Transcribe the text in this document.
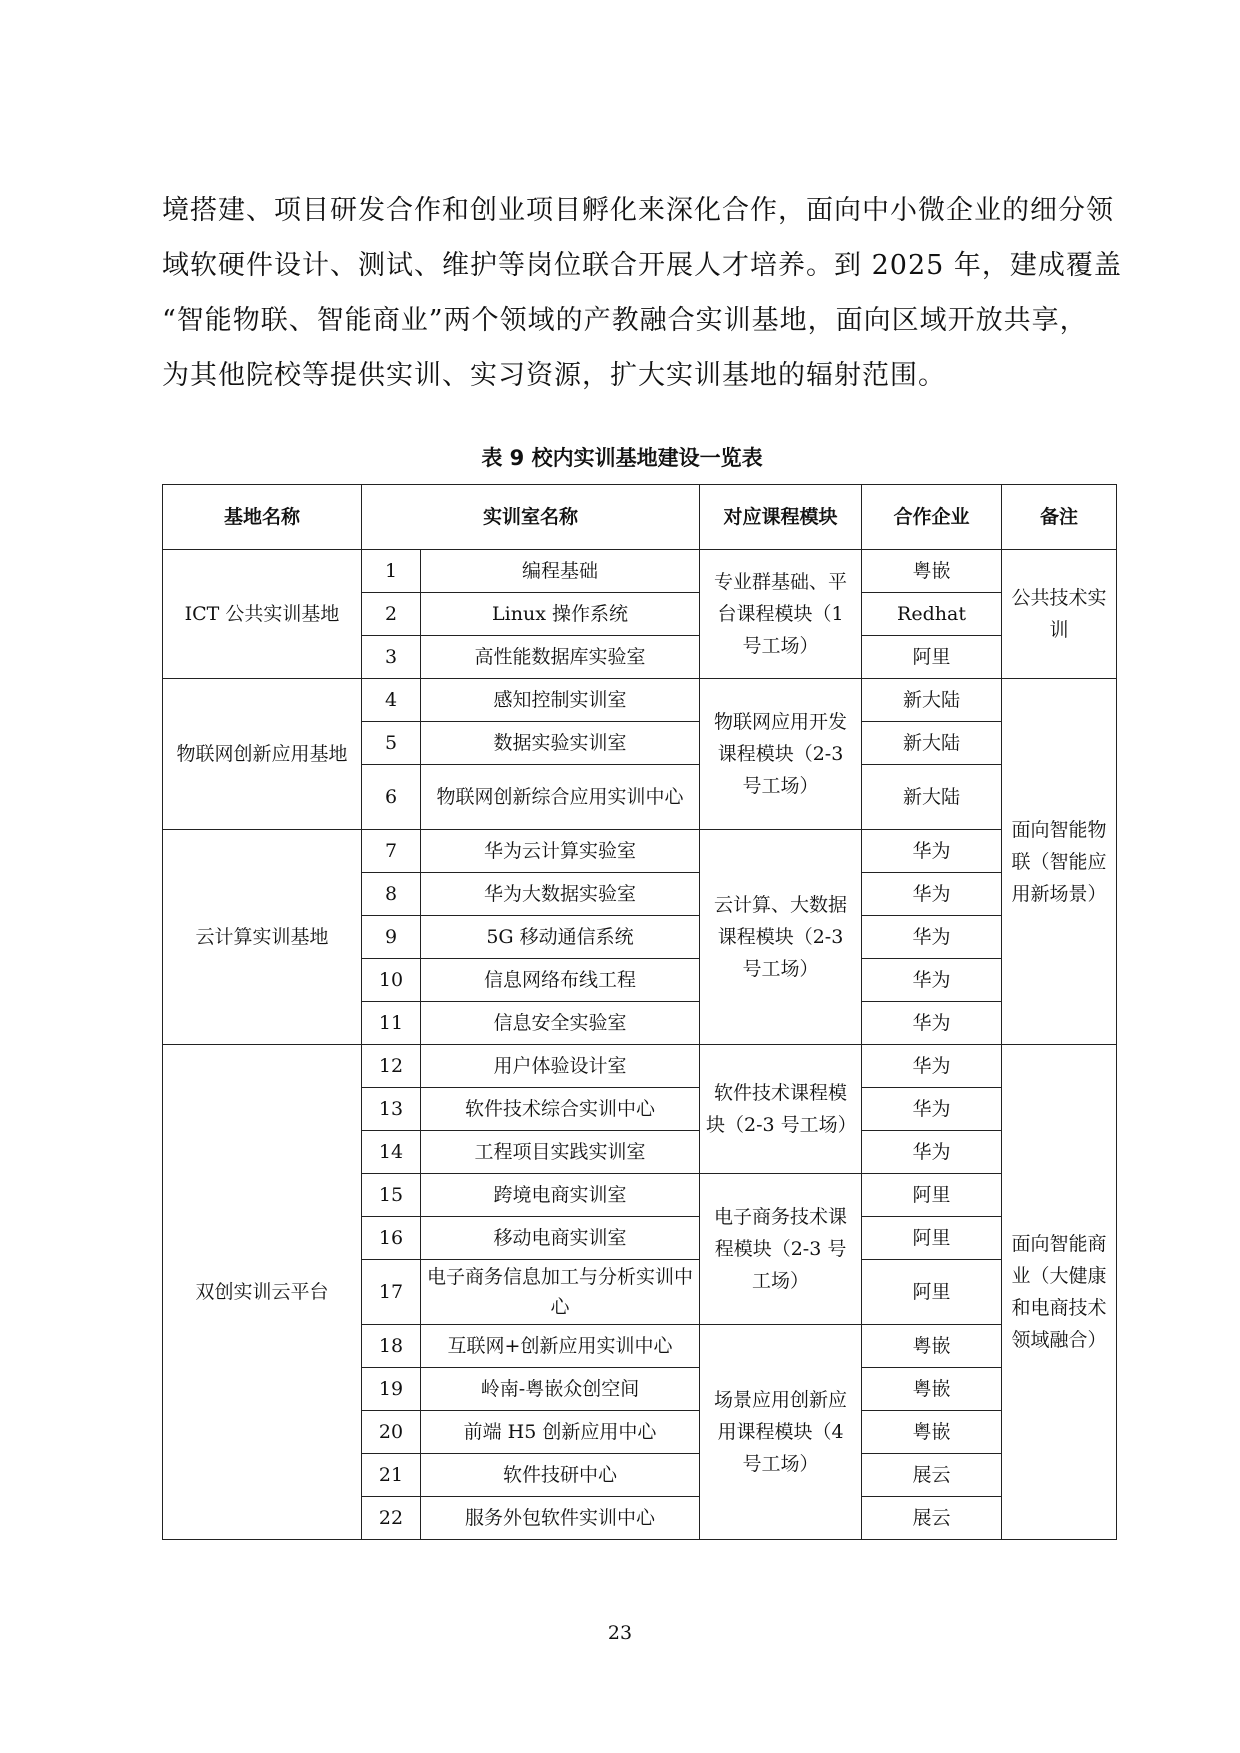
境搭建、项目研发合作和创业项目孵化来深化合作，面向中小微企业的细分领
域软硬件设计、测试、维护等岗位联合开展人才培养。到 2025 年，建成覆盖
“智能物联、智能商业”两个领域的产教融合实训基地，面向区域开放共享，
为其他院校等提供实训、实习资源，扩大实训基地的辐射范围。
表 9 校内实训基地建设一览表
基地名称	实训室名称		对应课程模块	合作企业	备注
ICT 公共实训基地	1	编程基础	专业群基础、平台课程模块（1 号工场）	粤嵌	公共技术实训
	2	Linux 操作系统		Redhat	
	3	高性能数据库实验室		阿里	
物联网创新应用基地	4	感知控制实训室	物联网应用开发课程模块（2-3 号工场）	新大陆	面向智能物联（智能应用新场景）
	5	数据实验实训室		新大陆	
	6	物联网创新综合应用实训中心		新大陆	
云计算实训基地	7	华为云计算实验室	云计算、大数据课程模块（2-3 号工场）	华为	
	8	华为大数据实验室		华为	
	9	5G 移动通信系统		华为	
	10	信息网络布线工程		华为	
	11	信息安全实验室		华为	
双创实训云平台	12	用户体验设计室	软件技术课程模块（2-3 号工场）	华为	面向智能商业（大健康和电商技术领域融合）
	13	软件技术综合实训中心		华为	
	14	工程项目实践实训室		华为	
	15	跨境电商实训室	电子商务技术课程模块（2-3 号工场）	阿里	
	16	移动电商实训室		阿里	
	17	电子商务信息加工与分析实训中心		阿里	
	18	互联网+创新应用实训中心	场景应用创新应用课程模块（4 号工场）	粤嵌	
	19	岭南-粤嵌众创空间		粤嵌	
	20	前端 H5 创新应用中心		粤嵌	
	21	软件技研中心		展云	
	22	服务外包软件实训中心		展云	
23
